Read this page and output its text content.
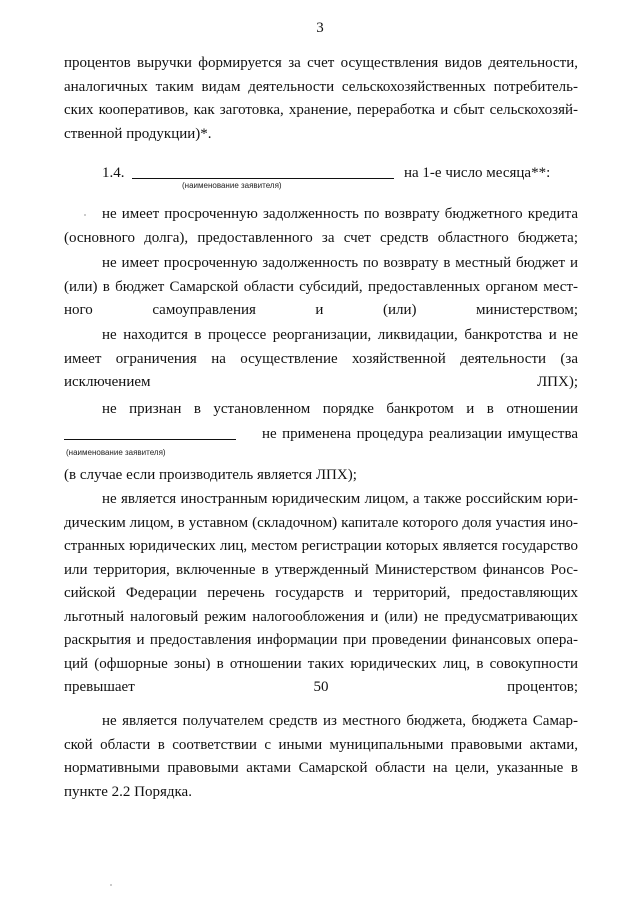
3

процентов выручки формируется за счет осуществления видов деятельности, аналогичных таким видам деятельности сельскохозяйственных потребитель-ских кооперативов, как заготовка, хранение, переработка и сбыт сельскохозяй-ственной продукции)*.

1.4.	на 1-е число месяца**:
(наименование заявителя)

не имеет просроченную задолженность по возврату бюджетного кредита (основного долга), предоставленного за счет средств областного бюджета;

не имеет просроченную задолженность по возврату в местный бюджет и (или) в бюджет Самарской области субсидий, предоставленных органом мест-ного самоуправления и (или) министерством;

не находится в процессе реорганизации, ликвидации, банкротства и не имеет ограничения на осуществление хозяйственной деятельности (за исключением ЛПХ);

не признан в установленном порядке банкротом и в отношении
не применена процедура реализации имущества
(наименование заявителя)
(в случае если производитель является ЛПХ);

не является иностранным юридическим лицом, а также российским юри-дическим лицом, в уставном (складочном) капитале которого доля участия ино-странных юридических лиц, местом регистрации которых является государство или территория, включенные в утвержденный Министерством финансов Рос-сийской Федерации перечень государств и территорий, предоставляющих льготный налоговый режим налогообложения и (или) не предусматривающих раскрытия и предоставления информации при проведении финансовых опера-ций (офшорные зоны) в отношении таких юридических лиц, в совокупности превышает 50 процентов;

не является получателем средств из местного бюджета, бюджета Самар-ской области в соответствии с иными муниципальными правовыми актами, нормативными правовыми актами Самарской области на цели, указанные в пункте 2.2 Порядка.
